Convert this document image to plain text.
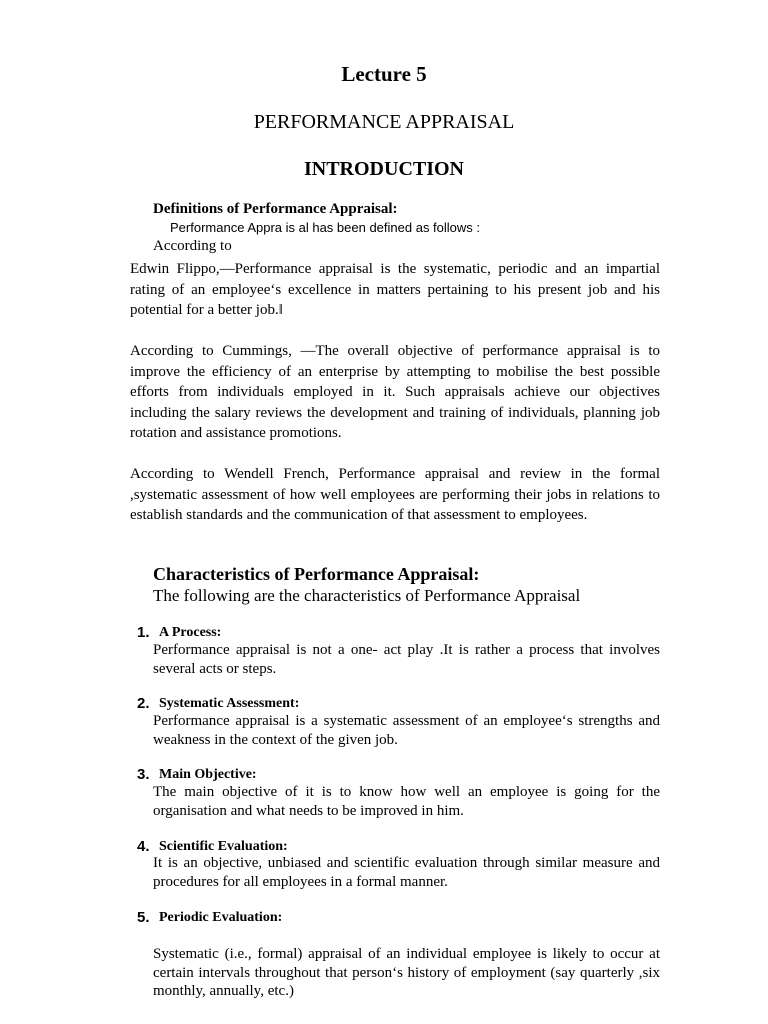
Lecture 5
PERFORMANCE APPRAISAL
INTRODUCTION
Definitions of Performance Appraisal:
Performance Appra is al has been defined as follows :
According to
Edwin Flippo,―Performance appraisal is the systematic, periodic and an impartial rating of an employee‘s excellence in matters pertaining to his present job and his potential for a better job.‖
According to Cummings, ―The overall objective of performance appraisal is to improve the efficiency of an enterprise by attempting to mobilise the best possible efforts from individuals employed in it. Such appraisals achieve our objectives including the salary reviews the development and training of individuals, planning job rotation and assistance promotions.
According to Wendell French, Performance appraisal and review in the formal ,systematic assessment of how well employees are performing their jobs in relations to establish standards and the communication of that assessment to employees.
Characteristics of Performance Appraisal:
The following are the characteristics of Performance Appraisal
1. A Process:
Performance appraisal is not a one- act play .It is rather a process that involves several acts or steps.
2. Systematic Assessment:
Performance appraisal is a systematic assessment of an employee‘s strengths and weakness in the context of the given job.
3. Main Objective:
The main objective of it is to know how well an employee is going for the organisation and what needs to be improved in him.
4. Scientific Evaluation:
It is an objective, unbiased and scientific evaluation through similar measure and procedures for all employees in a formal manner.
5. Periodic Evaluation:
Systematic (i.e., formal) appraisal of an individual employee is likely to occur at certain intervals throughout that person‘s history of employment (say quarterly ,six monthly, annually, etc.)
